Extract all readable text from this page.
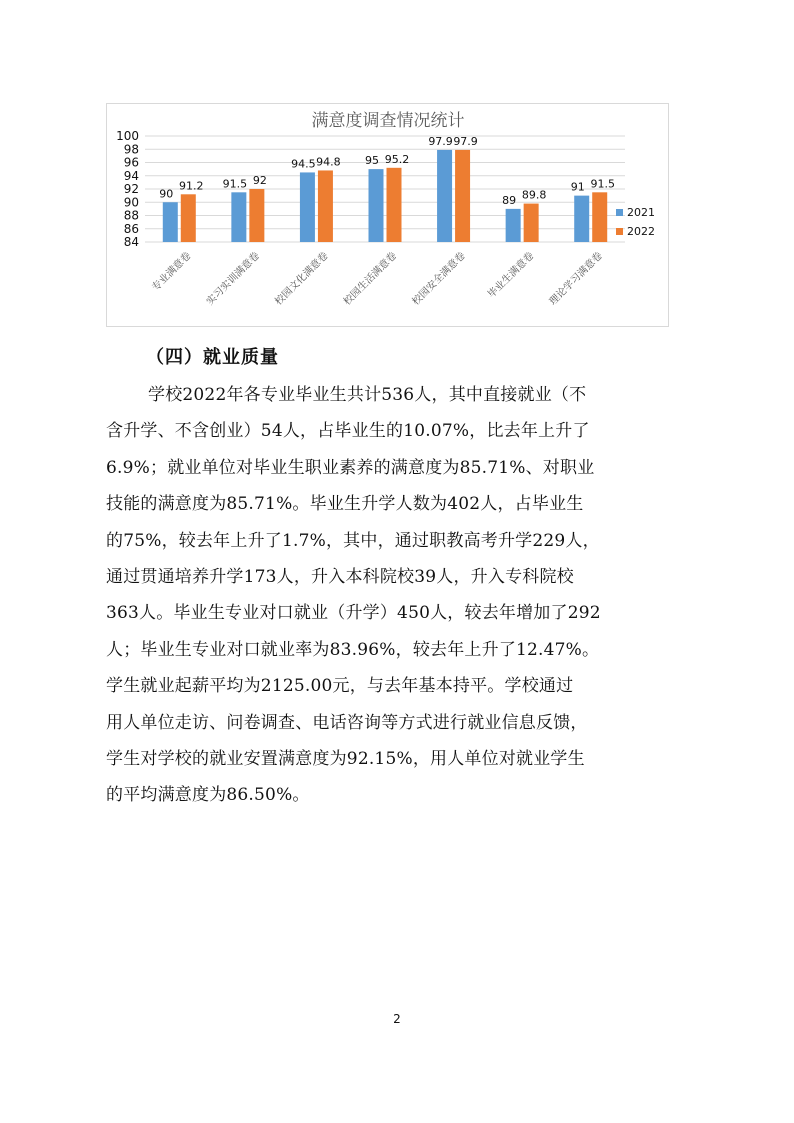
满意度调查情况统计
100
98
96
94
92
90
88
86
84
90
91.2
专业满意卷
91.5 92
实习实训满意卷
94.5 94.8
校园文化满意卷
95 95.2
校园生活满意卷
97.9 97.9
校园安全满意卷
89 89.8
毕业生满意卷
91 91.5
理论学习满意卷
2021
2022
（四）就业质量
学校2022年各专业毕业生共计536人，其中直接就业（不
含升学、不含创业）54人，占毕业生的10.07%，比去年上升了
6.9%；就业单位对毕业生职业素养的满意度为85.71%、对职业
技能的满意度为85.71%。毕业生升学人数为402人，占毕业生
的75%，较去年上升了1.7%，其中，通过职教高考升学229人，
通过贯通培养升学173人，升入本科院校39人，升入专科院校
363人。毕业生专业对口就业（升学）450人，较去年增加了292
人；毕业生专业对口就业率为83.96%，较去年上升了12.47%。
学生就业起薪平均为2125.00元，与去年基本持平。学校通过
用人单位走访、问卷调查、电话咨询等方式进行就业信息反馈，
学生对学校的就业安置满意度为92.15%，用人单位对就业学生
的平均满意度为86.50%。
2
